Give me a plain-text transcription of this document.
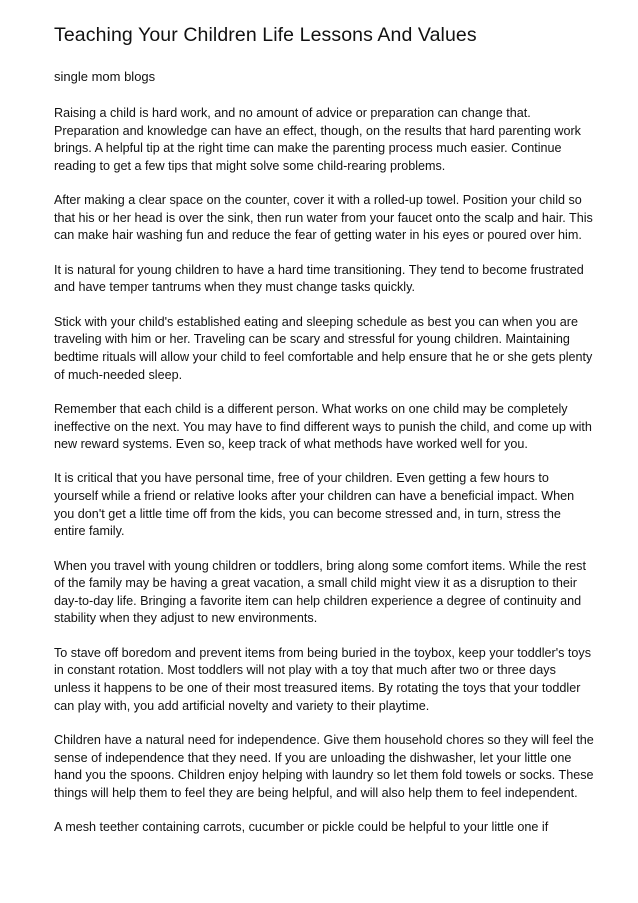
Teaching Your Children Life Lessons And Values

single mom blogs

Raising a child is hard work, and no amount of advice or preparation can change that. Preparation and knowledge can have an effect, though, on the results that hard parenting work brings. A helpful tip at the right time can make the parenting process much easier. Continue reading to get a few tips that might solve some child-rearing problems.

After making a clear space on the counter, cover it with a rolled-up towel. Position your child so that his or her head is over the sink, then run water from your faucet onto the scalp and hair. This can make hair washing fun and reduce the fear of getting water in his eyes or poured over him.

It is natural for young children to have a hard time transitioning. They tend to become frustrated and have temper tantrums when they must change tasks quickly.

Stick with your child's established eating and sleeping schedule as best you can when you are traveling with him or her. Traveling can be scary and stressful for young children. Maintaining bedtime rituals will allow your child to feel comfortable and help ensure that he or she gets plenty of much-needed sleep.

Remember that each child is a different person. What works on one child may be completely ineffective on the next. You may have to find different ways to punish the child, and come up with new reward systems. Even so, keep track of what methods have worked well for you.

It is critical that you have personal time, free of your children. Even getting a few hours to yourself while a friend or relative looks after your children can have a beneficial impact. When you don't get a little time off from the kids, you can become stressed and, in turn, stress the entire family.

When you travel with young children or toddlers, bring along some comfort items. While the rest of the family may be having a great vacation, a small child might view it as a disruption to their day-to-day life. Bringing a favorite item can help children experience a degree of continuity and stability when they adjust to new environments.

To stave off boredom and prevent items from being buried in the toybox, keep your toddler's toys in constant rotation. Most toddlers will not play with a toy that much after two or three days unless it happens to be one of their most treasured items. By rotating the toys that your toddler can play with, you add artificial novelty and variety to their playtime.

Children have a natural need for independence. Give them household chores so they will feel the sense of independence that they need. If you are unloading the dishwasher, let your little one hand you the spoons. Children enjoy helping with laundry so let them fold towels or socks. These things will help them to feel they are being helpful, and will also help them to feel independent.

A mesh teether containing carrots, cucumber or pickle could be helpful to your little one if
